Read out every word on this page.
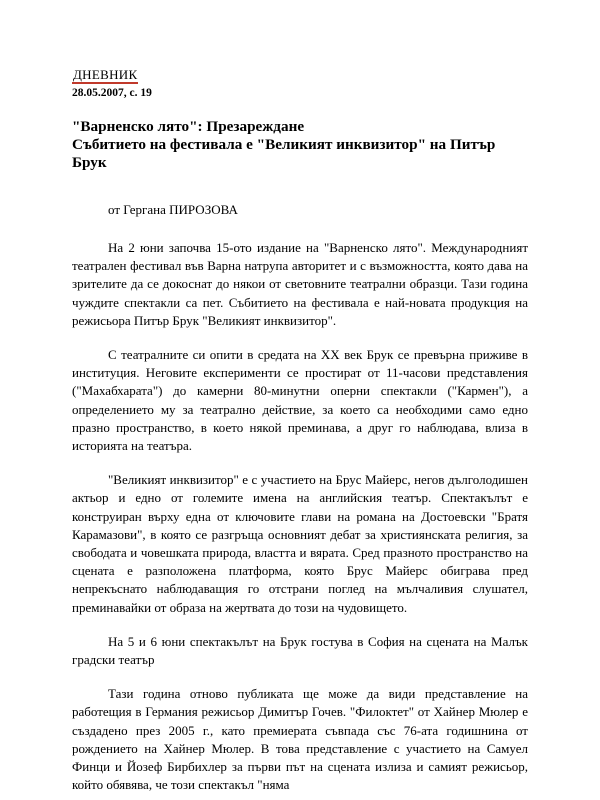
ДНЕВНИК
28.05.2007, с. 19
"Варненско лято": Презареждане
Събитието на фестивала е "Великият инквизитор" на Питър Брук
от Гергана ПИРОЗОВА

На 2 юни започва 15-ото издание на "Варненско лято". Международният театрален фестивал във Варна натрупа авторитет и с възможността, която дава на зрителите да се докоснат до някои от световните театрални образци. Тази година чуждите спектакли са пет. Събитието на фестивала е най-новата продукция на режисьора Питър Брук "Великият инквизитор".

С театралните си опити в средата на XX век Брук се превърна приживе в институция. Неговите експерименти се простират от 11-часови представления ("Махабхарата") до камерни 80-минутни оперни спектакли ("Кармен"), а определението му за театрално действие, за което са необходими само едно празно пространство, в което някой преминава, а друг го наблюдава, влиза в историята на театъра.

"Великият инквизитор" е с участието на Брус Майерс, негов дълголодишен актьор и едно от големите имена на английския театър. Спектакълът е конструиран върху една от ключовите глави на романа на Достоевски "Братя Карамазови", в която се разгръща основният дебат за християнската религия, за свободата и човешката природа, властта и вярата. Сред празното пространство на сцената е разположена платформа, която Брус Майерс обиграва пред непрекъснато наблюдаващия го отстрани поглед на мълчаливия слушател, преминавайки от образа на жертвата до този на чудовището.

На 5 и 6 юни спектакълът на Брук гостува в София на сцената на Малък градски театър

Тази година отново публиката ще може да види представление на работещия в Германия режисьор Димитър Гочев. "Филоктет" от Хайнер Мюлер е създадено през 2005 г., като премиерата съвпада със 76-ата годишнина от рождението на Хайнер Мюлер. В това представление с участието на Самуел Финци и Йозеф Бирбихлер за първи път на сцената излиза и самият режисьор, който обявява, че този спектакъл "няма
